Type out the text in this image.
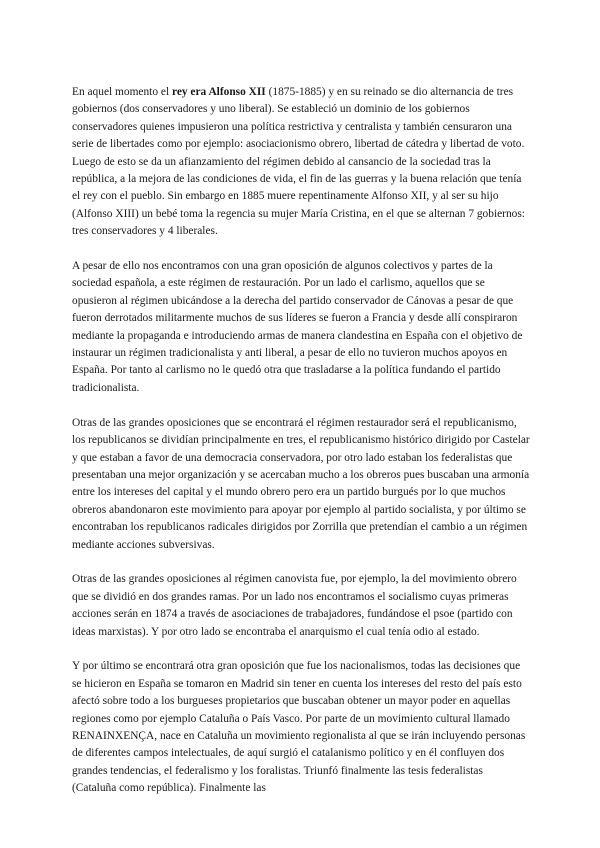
En aquel momento el rey era Alfonso XII (1875-1885) y en su reinado se dio alternancia de tres gobiernos (dos conservadores y uno liberal). Se estableció un dominio de los gobiernos conservadores quienes impusieron una política restrictiva y centralista y también censuraron una serie de libertades como por ejemplo: asociacionismo obrero, libertad de cátedra y libertad de voto. Luego de esto se da un afianzamiento del régimen debido al cansancio de la sociedad tras la república, a la mejora de las condiciones de vida, el fin de las guerras y la buena relación que tenía el rey con el pueblo. Sin embargo en 1885 muere repentinamente Alfonso XII, y al ser su hijo (Alfonso XIII) un bebé toma la regencia su mujer María Cristina, en el que se alternan 7 gobiernos: tres conservadores y 4 liberales.

A pesar de ello nos encontramos con una gran oposición de algunos colectivos y partes de la sociedad española, a este régimen de restauración. Por un lado el carlismo, aquellos que se opusieron al régimen ubicándose a la derecha del partido conservador de Cánovas a pesar de que fueron derrotados militarmente muchos de sus líderes se fueron a Francia y desde allí conspiraron mediante la propaganda e introduciendo armas de manera clandestina en España con el objetivo de instaurar un régimen tradicionalista y anti liberal, a pesar de ello no tuvieron muchos apoyos en España. Por tanto al carlismo no le quedó otra que trasladarse a la política fundando el partido tradicionalista.

Otras de las grandes oposiciones que se encontrará el régimen restaurador será el republicanismo, los republicanos se dividían principalmente en tres, el republicanismo histórico dirigido por Castelar y que estaban a favor de una democracia conservadora, por otro lado estaban los federalistas que presentaban una mejor organización y se acercaban mucho a los obreros pues buscaban una armonía entre los intereses del capital y el mundo obrero pero era un partido burgués por lo que muchos obreros abandonaron este movimiento para apoyar por ejemplo al partido socialista, y por último se encontraban los republicanos radicales dirigidos por Zorrilla que pretendían el cambio a un régimen mediante acciones subversivas.

Otras de las grandes oposiciones al régimen canovista fue, por ejemplo, la del movimiento obrero que se dividió en dos grandes ramas. Por un lado nos encontramos el socialismo cuyas primeras acciones serán en 1874 a través de asociaciones de trabajadores, fundándose el psoe (partido con ideas marxistas). Y por otro lado se encontraba el anarquismo el cual tenía odio al estado.

Y por último se encontrará otra gran oposición que fue los nacionalismos, todas las decisiones que se hicieron en España se tomaron en Madrid sin tener en cuenta los intereses del resto del país esto afectó sobre todo a los burgueses propietarios que buscaban obtener un mayor poder en aquellas regiones como por ejemplo Cataluña o País Vasco. Por parte de un movimiento cultural llamado RENAINXENÇA, nace en Cataluña un movimiento regionalista al que se irán incluyendo personas de diferentes campos intelectuales, de aquí surgió el catalanismo político y en él confluyen dos grandes tendencias, el federalismo y los foralistas. Triunfó finalmente las tesis federalistas (Cataluña como república). Finalmente las
